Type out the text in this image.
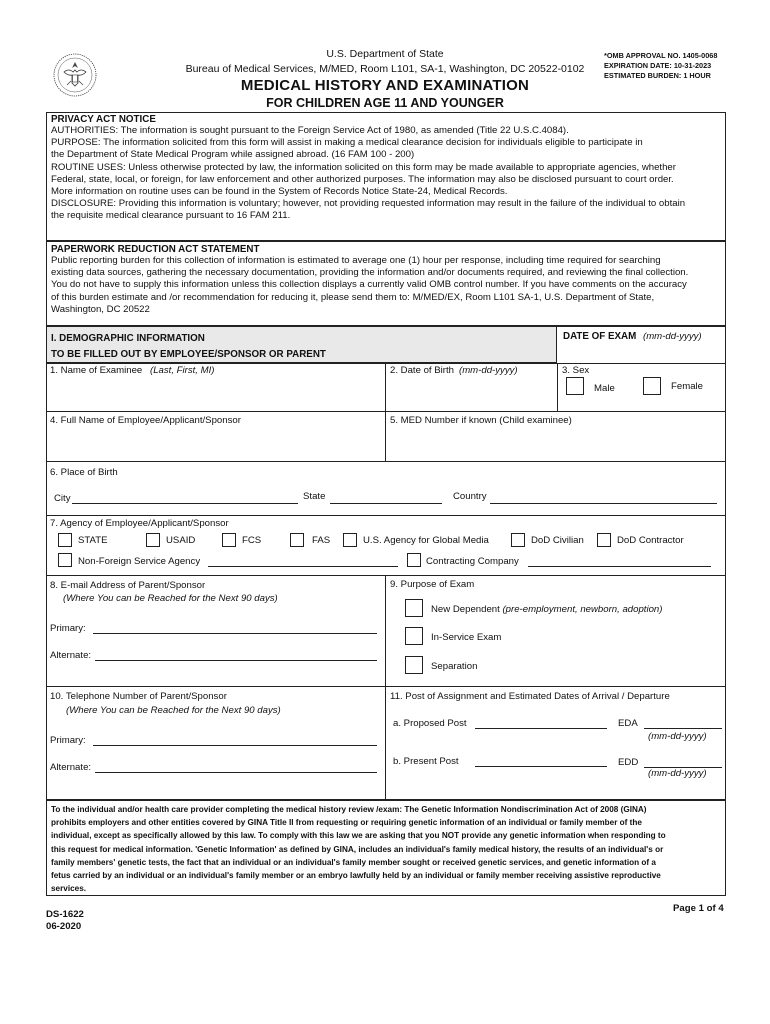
U.S. Department of State
Bureau of Medical Services, M/MED, Room L101, SA-1, Washington, DC 20522-0102
MEDICAL HISTORY AND EXAMINATION
FOR CHILDREN AGE 11 AND YOUNGER
*OMB APPROVAL NO. 1405-0068
EXPIRATION DATE: 10-31-2023
ESTIMATED BURDEN: 1 HOUR
PRIVACY ACT NOTICE
AUTHORITIES: The information is sought pursuant to the Foreign Service Act of 1980, as amended (Title 22 U.S.C.4084).
PURPOSE: The information solicited from this form will assist in making a medical clearance decision for individuals eligible to participate in
the Department of State Medical Program while assigned abroad. (16 FAM 100 - 200)
ROUTINE USES: Unless otherwise protected by law, the information solicited on this form may be made available to appropriate agencies, whether
Federal, state, local, or foreign, for law enforcement and other authorized purposes. The information may also be disclosed pursuant to court order.
More information on routine uses can be found in the System of Records Notice State-24, Medical Records.
DISCLOSURE: Providing this information is voluntary; however, not providing requested information may result in the failure of the individual to obtain
the requisite medical clearance pursuant to 16 FAM 211.
PAPERWORK REDUCTION ACT STATEMENT
Public reporting burden for this collection of information is estimated to average one (1) hour per response, including time required for searching
existing data sources, gathering the necessary documentation, providing the information and/or documents required, and reviewing the final collection.
You do not have to supply this information unless this collection displays a currently valid OMB control number. If you have comments on the accuracy
of this burden estimate and /or recommendation for reducing it, please send them to: M/MED/EX, Room L101 SA-1, U.S. Department of State,
Washington, DC 20522
I. DEMOGRAPHIC INFORMATION
TO BE FILLED OUT BY EMPLOYEE/SPONSOR OR PARENT
DATE OF EXAM (mm-dd-yyyy)
1. Name of Examinee (Last, First, MI)	2. Date of Birth (mm-dd-yyyy)	3. Sex
Male	Female
4. Full Name of Employee/Applicant/Sponsor	5. MED Number if known (Child examinee)
6. Place of Birth
City	State	Country
7. Agency of Employee/Applicant/Sponsor
STATE	USAID	FCS	FAS	U.S. Agency for Global Media	DoD Civilian	DoD Contractor
Non-Foreign Service Agency	Contracting Company
8. E-mail Address of Parent/Sponsor
(Where You can be Reached for the Next 90 days)
Primary:
Alternate:
9. Purpose of Exam
New Dependent (pre-employment, newborn, adoption)
In-Service Exam
Separation
10. Telephone Number of Parent/Sponsor
(Where You can be Reached for the Next 90 days)
Primary:
Alternate:
11. Post of Assignment and Estimated Dates of Arrival / Departure
a. Proposed Post	EDA
(mm-dd-yyyy)
b. Present Post	EDD
(mm-dd-yyyy)
To the individual and/or health care provider completing the medical history review /exam: The Genetic Information Nondiscrimination Act of 2008 (GINA)
prohibits employers and other entities covered by GINA Title II from requesting or requiring genetic information of an individual or family member of the
individual, except as specifically allowed by this law. To comply with this law we are asking that you NOT provide any genetic information when responding to
this request for medical information. 'Genetic Information' as defined by GINA, includes an individual's family medical history, the results of an individual's or
family members' genetic tests, the fact that an individual or an individual's family member sought or received genetic services, and genetic information of a
fetus carried by an individual or an individual's family member or an embryo lawfully held by an individual or family member receiving assistive reproductive
services.
DS-1622
06-2020
Page 1 of 4
